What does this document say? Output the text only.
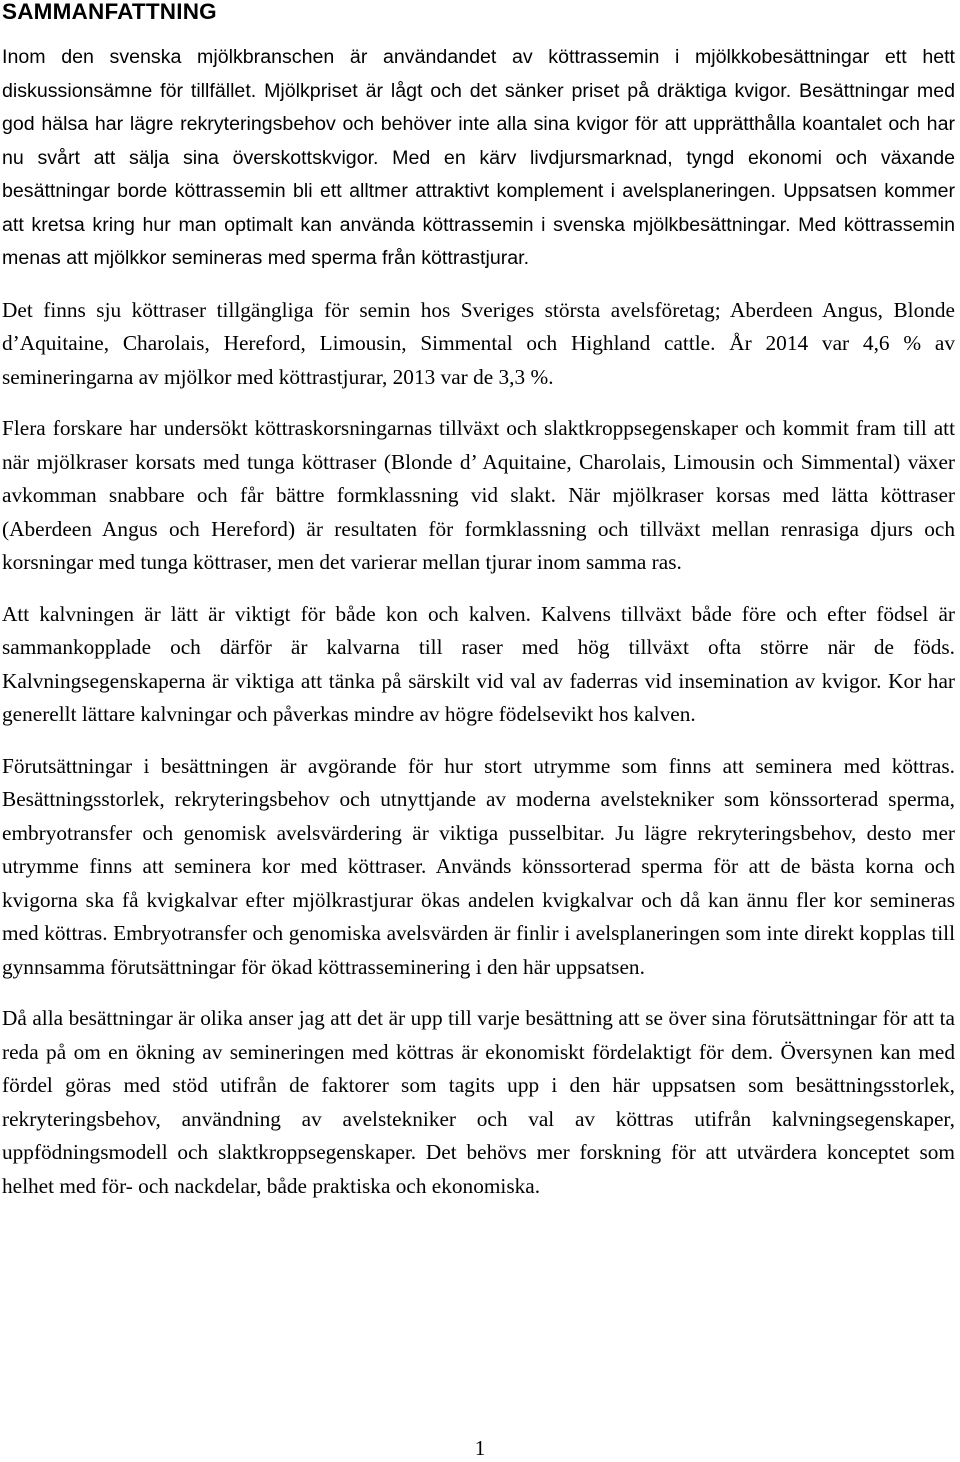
SAMMANFATTNING

Inom den svenska mjölkbranschen är användandet av köttrassemin i mjölkkobesättningar ett hett diskussionsämne för tillfället. Mjölkpriset är lågt och det sänker priset på dräktiga kvigor. Besättningar med god hälsa har lägre rekryteringsbehov och behöver inte alla sina kvigor för att upprätthålla koantalet och har nu svårt att sälja sina överskottskvigor. Med en kärv livdjursmarknad, tyngd ekonomi och växande besättningar borde köttrassemin bli ett alltmer attraktivt komplement i avelsplaneringen. Uppsatsen kommer att kretsa kring hur man optimalt kan använda köttrassemin i svenska mjölkbesättningar. Med köttrassemin menas att mjölkkor semineras med sperma från köttrastjurar.

Det finns sju köttraser tillgängliga för semin hos Sveriges största avelsföretag; Aberdeen Angus, Blonde d’Aquitaine, Charolais, Hereford, Limousin, Simmental och Highland cattle. År 2014 var 4,6 % av semineringarna av mjölkor med köttrastjurar, 2013 var de 3,3 %.

Flera forskare har undersökt köttraskorsningarnas tillväxt och slaktkroppsegenskaper och kommit fram till att när mjölkraser korsats med tunga köttraser (Blonde d’ Aquitaine, Charolais, Limousin och Simmental) växer avkomman snabbare och får bättre formklassning vid slakt. När mjölkraser korsas med lätta köttraser (Aberdeen Angus och Hereford) är resultaten för formklassning och tillväxt mellan renrasiga djurs och korsningar med tunga köttraser, men det varierar mellan tjurar inom samma ras.

Att kalvningen är lätt är viktigt för både kon och kalven. Kalvens tillväxt både före och efter födsel är sammankopplade och därför är kalvarna till raser med hög tillväxt ofta större när de föds. Kalvningsegenskaperna är viktiga att tänka på särskilt vid val av faderras vid insemination av kvigor. Kor har generellt lättare kalvningar och påverkas mindre av högre födelsevikt hos kalven.

Förutsättningar i besättningen är avgörande för hur stort utrymme som finns att seminera med köttras. Besättningsstorlek, rekryteringsbehov och utnyttjande av moderna avelstekniker som könssorterad sperma, embryotransfer och genomisk avelsvärdering är viktiga pusselbitar. Ju lägre rekryteringsbehov, desto mer utrymme finns att seminera kor med köttraser. Används könssorterad sperma för att de bästa korna och kvigorna ska få kvigkalvar efter mjölkrastjurar ökas andelen kvigkalvar och då kan ännu fler kor semineras med köttras. Embryotransfer och genomiska avelsvärden är finlir i avelsplaneringen som inte direkt kopplas till gynnsamma förutsättningar för ökad köttrasseminering i den här uppsatsen.

Då alla besättningar är olika anser jag att det är upp till varje besättning att se över sina förutsättningar för att ta reda på om en ökning av semineringen med köttras är ekonomiskt fördelaktigt för dem. Översynen kan med fördel göras med stöd utifrån de faktorer som tagits upp i den här uppsatsen som besättningsstorlek, rekryteringsbehov, användning av avelstekniker och val av köttras utifrån kalvningsegenskaper, uppfödningsmodell och slaktkroppsegenskaper. Det behövs mer forskning för att utvärdera konceptet som helhet med för- och nackdelar, både praktiska och ekonomiska.

1
